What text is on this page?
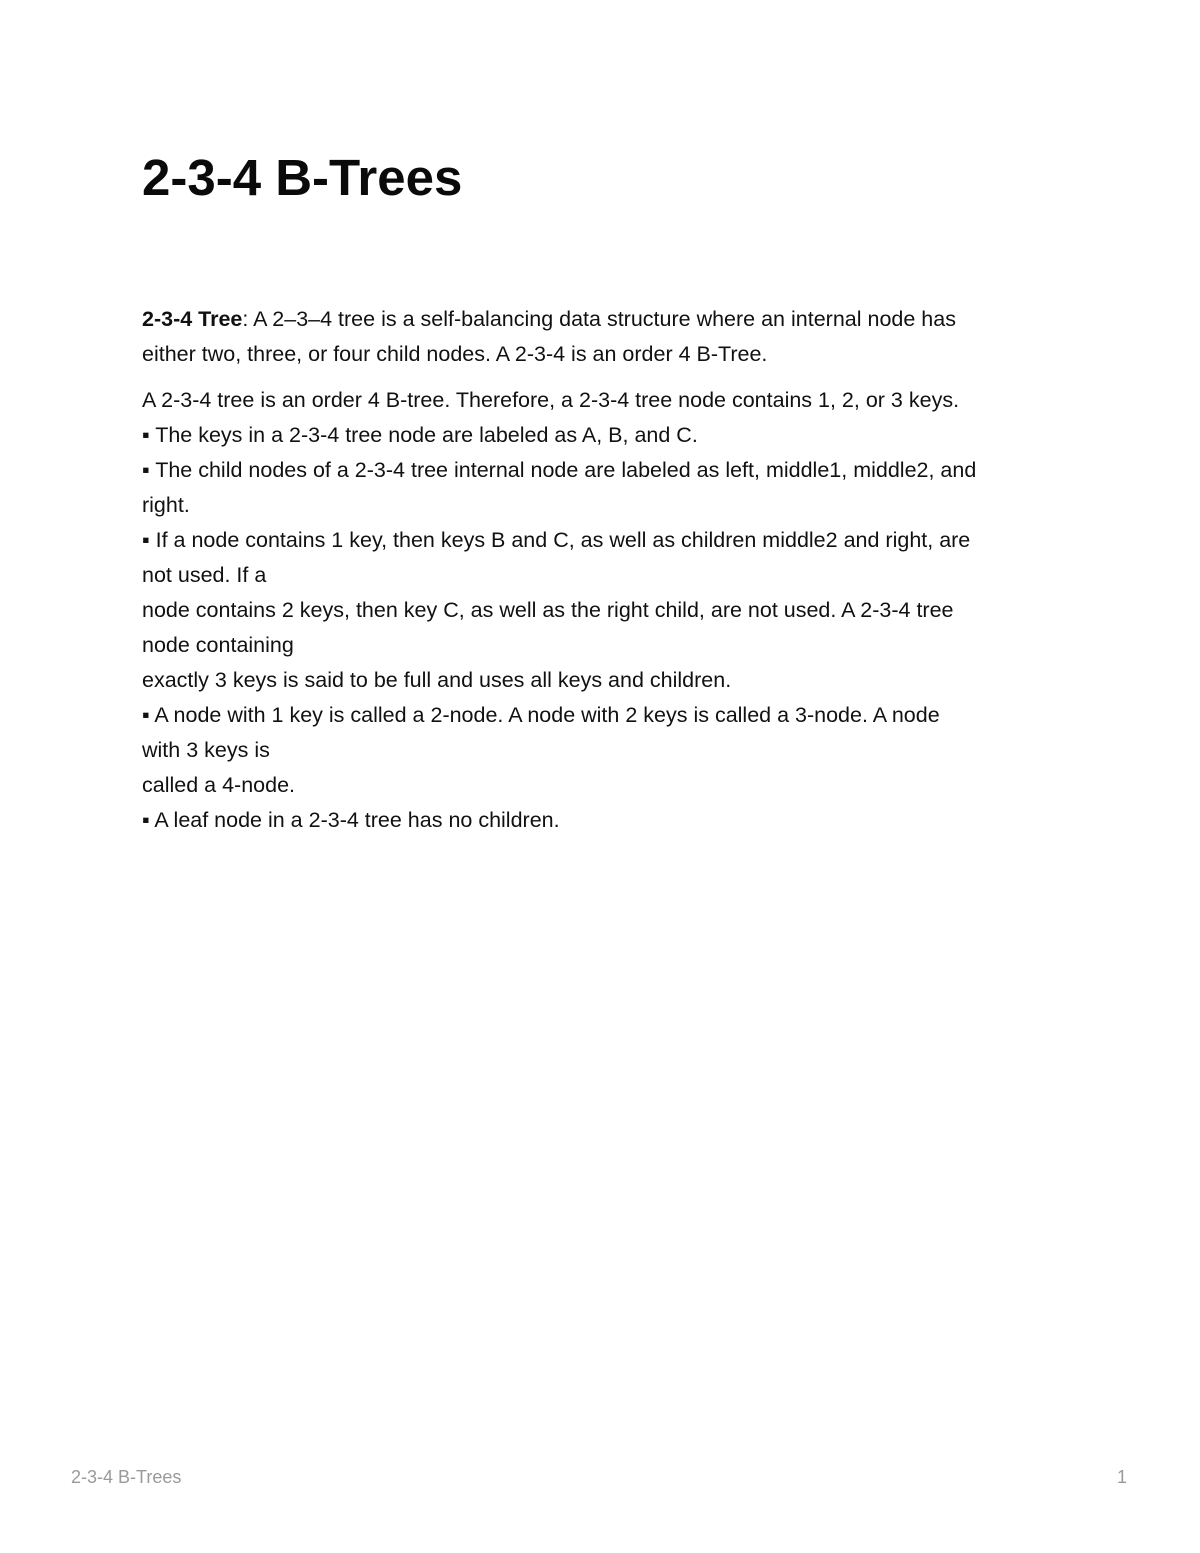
2-3-4 B-Trees

2-3-4 Tree: A 2–3–4 tree is a self-balancing data structure where an internal node has
either two, three, or four child nodes. A 2-3-4 is an order 4 B-Tree.

A 2-3-4 tree is an order 4 B-tree. Therefore, a 2-3-4 tree node contains 1, 2, or 3 keys.
▪ The keys in a 2-3-4 tree node are labeled as A, B, and C.
▪ The child nodes of a 2-3-4 tree internal node are labeled as left, middle1, middle2, and
right.
▪ If a node contains 1 key, then keys B and C, as well as children middle2 and right, are
not used. If a
node contains 2 keys, then key C, as well as the right child, are not used. A 2-3-4 tree
node containing
exactly 3 keys is said to be full and uses all keys and children.
▪ A node with 1 key is called a 2-node. A node with 2 keys is called a 3-node. A node
with 3 keys is
called a 4-node.
▪ A leaf node in a 2-3-4 tree has no children.

2-3-4 B-Trees	1
